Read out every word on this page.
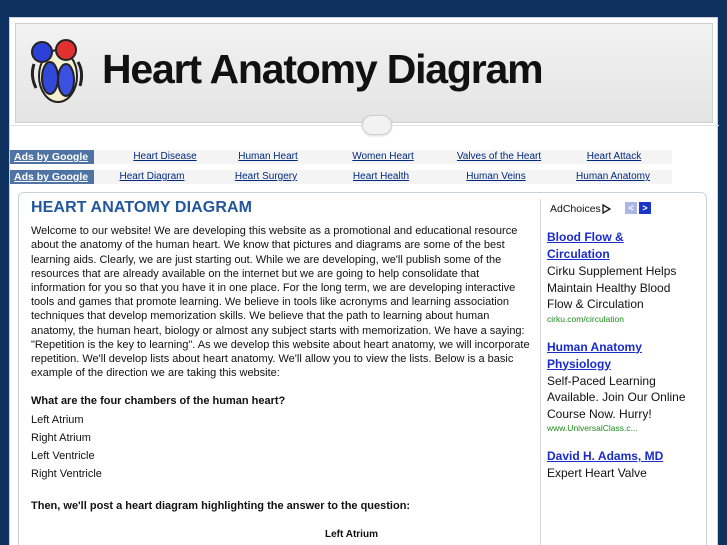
Heart Anatomy Diagram
Ads by Google	Heart Disease	Human Heart	Women Heart	Valves of the Heart	Heart Attack
Ads by Google	Heart Diagram	Heart Surgery	Heart Health	Human Veins	Human Anatomy
HEART ANATOMY DIAGRAM

Welcome to our website! We are developing this website as a promotional and educational resource about the anatomy of the human heart. We know that pictures and diagrams are some of the best learning aids. Clearly, we are just starting out. While we are developing, we'll publish some of the resources that are already available on the internet but we are going to help consolidate that information for you so that you have it in one place. For the long term, we are developing interactive tools and games that promote learning. We believe in tools like acronyms and learning association techniques that develop memorization skills. We believe that the path to learning about human anatomy, the human heart, biology or almost any subject starts with memorization. We have a saying: "Repetition is the key to learning". As we develop this website about heart anatomy, we will incorporate repetition. We'll develop lists about heart anatomy. We'll allow you to view the lists. Below is a basic example of the direction we are taking this website:

What are the four chambers of the human heart?

Left Atrium

Right Atrium

Left Ventricle

Right Ventricle

Then, we'll post a heart diagram highlighting the answer to the question:

Left Atrium
AdChoices	< >
Blood Flow & Circulation
Cirku Supplement Helps Maintain Healthy Blood Flow & Circulation
cirku.com/circulation
Human Anatomy Physiology
Self-Paced Learning Available. Join Our Online Course Now. Hurry!
www.UniversalClass.c...
David H. Adams, MD
Expert Heart Valve
